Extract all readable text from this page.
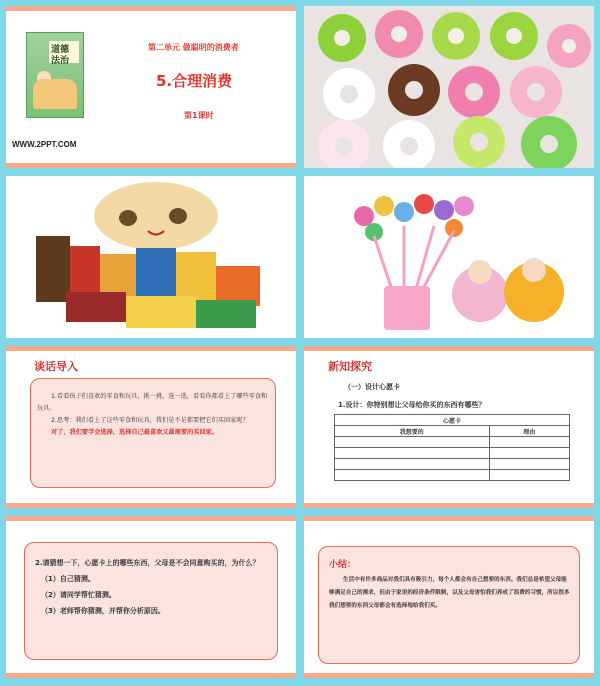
道德
法治
WWW.2PPT.COM
第二单元 做聪明的消费者
5.合理消费
第1课时
谈话导入

1.看看孩子们喜欢的零食和玩具，挑一挑，选一选，看看你都看上了哪些零食和玩具。

2.思考：我们看上了这些零食和玩具，我们是不是都要把它们买回家呢？

对了，我们要学会选择，选择自己最喜欢又最需要的买回家。

新知探究
（一）设计心愿卡
1.设计：你特别想让父母给你买的东西有哪些？
心愿卡	
我想要的	理由

2.请猜想一下，心愿卡上的哪些东西，父母是不会同意购买的，为什么？

（1）自己猜测。

（2）请同学帮忙猜测。

（3）老师帮你猜测，并帮你分析原因。

小结：

生活中有许多商品对我们具有吸引力，每个人都会有自己想要的东西。我们总是希望父母能够满足自己的需求，但由于家里的经济条件限制，以及父母害怕我们养成了浪费的习惯，所以很多我们想要的东西父母都会有选择地给我们买。
